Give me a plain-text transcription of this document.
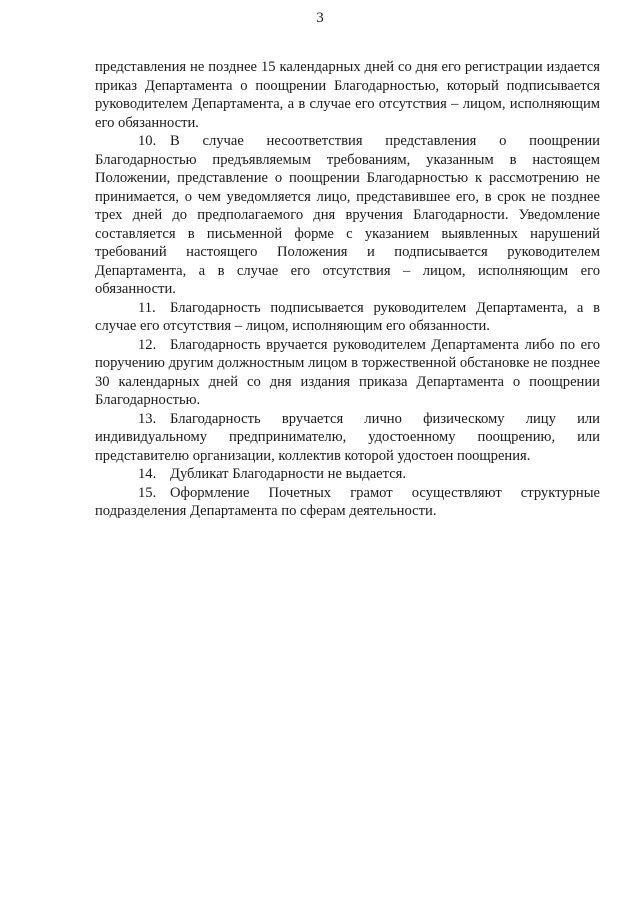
3

представления не позднее 15 календарных дней со дня его регистрации издается приказ Департамента о поощрении Благодарностью, который подписывается руководителем Департамента, а в случае его отсутствия – лицом, исполняющим его обязанности.

10. В случае несоответствия представления о поощрении Благодарностью предъявляемым требованиям, указанным в настоящем Положении, представление о поощрении Благодарностью к рассмотрению не принимается, о чем уведомляется лицо, представившее его, в срок не позднее трех дней до предполагаемого дня вручения Благодарности. Уведомление составляется в письменной форме с указанием выявленных нарушений требований настоящего Положения и подписывается руководителем Департамента, а в случае его отсутствия – лицом, исполняющим его обязанности.

11. Благодарность подписывается руководителем Департамента, а в случае его отсутствия – лицом, исполняющим его обязанности.

12. Благодарность вручается руководителем Департамента либо по его поручению другим должностным лицом в торжественной обстановке не позднее 30 календарных дней со дня издания приказа Департамента о поощрении Благодарностью.

13. Благодарность вручается лично физическому лицу или индивидуальному предпринимателю, удостоенному поощрению, или представителю организации, коллектив которой удостоен поощрения.

14. Дубликат Благодарности не выдается.

15. Оформление Почетных грамот осуществляют структурные подразделения Департамента по сферам деятельности.
